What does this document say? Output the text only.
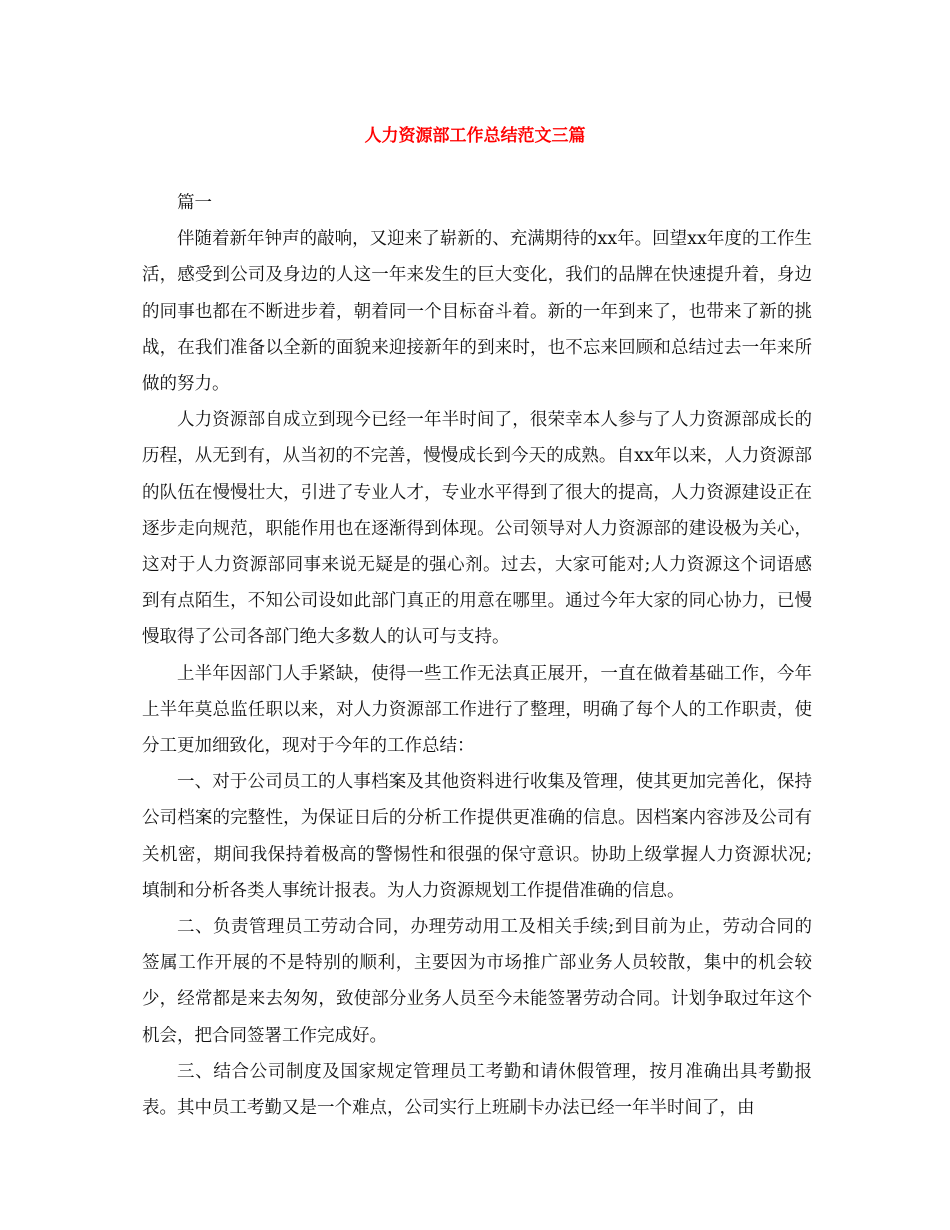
人力资源部工作总结范文三篇

篇一

伴随着新年钟声的敲响，又迎来了崭新的、充满期待的xx年。回望xx年度的工作生活，感受到公司及身边的人这一年来发生的巨大变化，我们的品牌在快速提升着，身边的同事也都在不断进步着，朝着同一个目标奋斗着。新的一年到来了，也带来了新的挑战，在我们准备以全新的面貌来迎接新年的到来时，也不忘来回顾和总结过去一年来所做的努力。

人力资源部自成立到现今已经一年半时间了，很荣幸本人参与了人力资源部成长的历程，从无到有，从当初的不完善，慢慢成长到今天的成熟。自xx年以来，人力资源部的队伍在慢慢壮大，引进了专业人才，专业水平得到了很大的提高，人力资源建设正在逐步走向规范，职能作用也在逐渐得到体现。公司领导对人力资源部的建设极为关心，这对于人力资源部同事来说无疑是的强心剂。过去，大家可能对;人力资源这个词语感到有点陌生，不知公司设如此部门真正的用意在哪里。通过今年大家的同心协力，已慢慢取得了公司各部门绝大多数人的认可与支持。

上半年因部门人手紧缺，使得一些工作无法真正展开，一直在做着基础工作，今年上半年莫总监任职以来，对人力资源部工作进行了整理，明确了每个人的工作职责，使分工更加细致化，现对于今年的工作总结：

一、对于公司员工的人事档案及其他资料进行收集及管理，使其更加完善化，保持公司档案的完整性，为保证日后的分析工作提供更准确的信息。因档案内容涉及公司有关机密，期间我保持着极高的警惕性和很强的保守意识。协助上级掌握人力资源状况;填制和分析各类人事统计报表。为人力资源规划工作提借准确的信息。

二、负责管理员工劳动合同，办理劳动用工及相关手续;到目前为止，劳动合同的签属工作开展的不是特别的顺利，主要因为市场推广部业务人员较散，集中的机会较少，经常都是来去匆匆，致使部分业务人员至今未能签署劳动合同。计划争取过年这个机会，把合同签署工作完成好。

三、结合公司制度及国家规定管理员工考勤和请休假管理，按月准确出具考勤报表。其中员工考勤又是一个难点，公司实行上班刷卡办法已经一年半时间了，由
